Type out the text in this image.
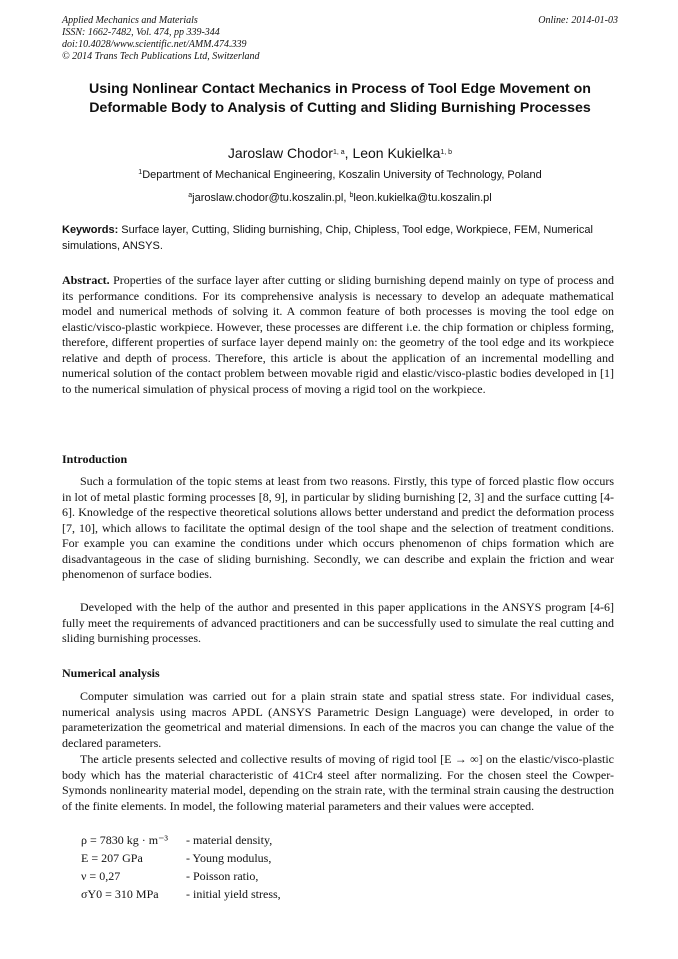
Applied Mechanics and Materials
ISSN: 1662-7482, Vol. 474, pp 339-344
doi:10.4028/www.scientific.net/AMM.474.339
© 2014 Trans Tech Publications Ltd, Switzerland
Online: 2014-01-03
Using Nonlinear Contact Mechanics in Process of Tool Edge Movement on Deformable Body to Analysis of Cutting and Sliding Burnishing Processes
Jaroslaw Chodor$^{1, a}$, Leon Kukielka$^{1, b}$
$^1$Department of Mechanical Engineering, Koszalin University of Technology, Poland
$^a$jaroslaw.chodor@tu.koszalin.pl, $^b$leon.kukielka@tu.koszalin.pl
Keywords: Surface layer, Cutting, Sliding burnishing, Chip, Chipless, Tool edge, Workpiece, FEM, Numerical simulations, ANSYS.

Abstract. Properties of the surface layer after cutting or sliding burnishing depend mainly on type of process and its performance conditions. For its comprehensive analysis is necessary to develop an adequate mathematical model and numerical methods of solving it. A common feature of both processes is moving the tool edge on elastic/visco-plastic workpiece. However, these processes are different i.e. the chip formation or chipless forming, therefore, different properties of surface layer depend mainly on: the geometry of the tool edge and its workpiece relative and depth of process. Therefore, this article is about the application of an incremental modelling and numerical solution of the contact problem between movable rigid and elastic/visco-plastic bodies developed in [1] to the numerical simulation of physical process of moving a rigid tool on the workpiece.

Introduction

Such a formulation of the topic stems at least from two reasons. Firstly, this type of forced plastic flow occurs in lot of metal plastic forming processes [8, 9], in particular by sliding burnishing [2, 3] and the surface cutting [4-6]. Knowledge of the respective theoretical solutions allows better understand and predict the deformation process [7, 10], which allows to facilitate the optimal design of the tool shape and the selection of treatment conditions. For example you can examine the conditions under which occurs phenomenon of chips formation which are disadvantageous in the case of sliding burnishing. Secondly, we can describe and explain the friction and wear phenomenon of surface bodies.

Developed with the help of the author and presented in this paper applications in the ANSYS program [4-6] fully meet the requirements of advanced practitioners and can be successfully used to simulate the real cutting and sliding burnishing processes.

Numerical analysis

Computer simulation was carried out for a plain strain state and spatial stress state. For individual cases, numerical analysis using macros APDL (ANSYS Parametric Design Language) were developed, in order to parameterization the geometrical and material dimensions. In each of the macros you can change the value of the declared parameters.

The article presents selected and collective results of moving of rigid tool [E → ∞] on the elastic/visco-plastic body which has the material characteristic of 41Cr4 steel after normalizing. For the chosen steel the Cowper-Symonds nonlinearity material model, depending on the strain rate, with the terminal strain causing the destruction of the finite elements. In model, the following material parameters and their values were accepted.

ρ = 7830 kg · m⁻³	- material density,
E = 207 GPa	- Young modulus,
ν = 0,27	- Poisson ratio,
σY0 = 310 MPa	- initial yield stress,
